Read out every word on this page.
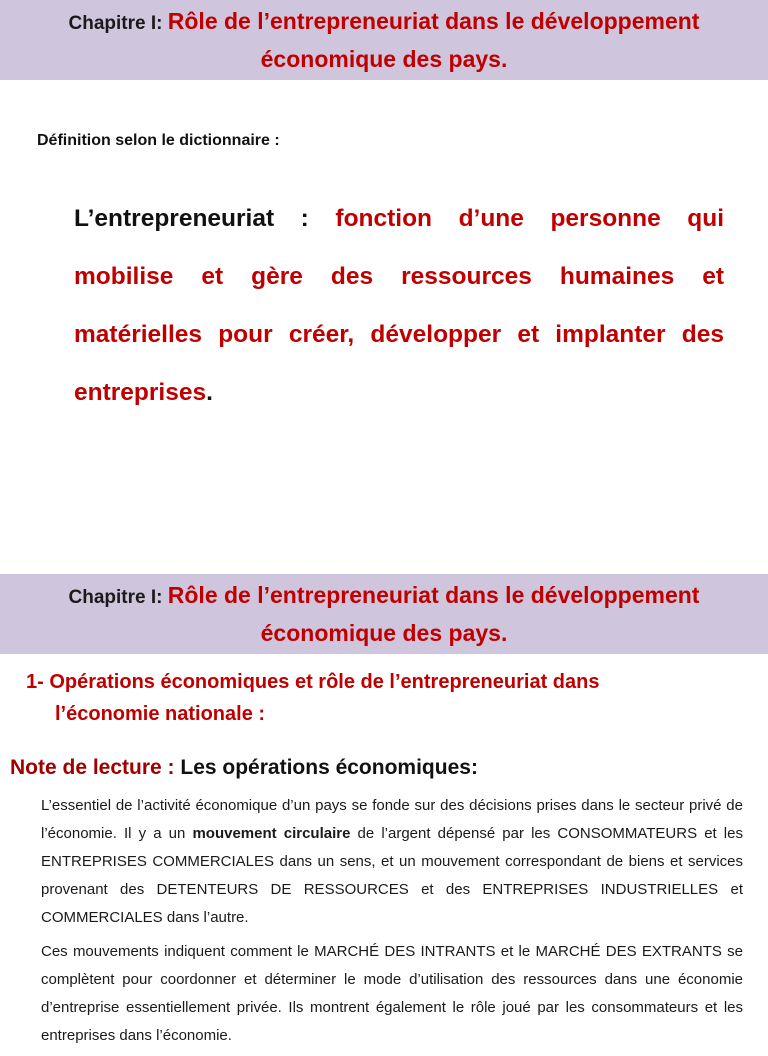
Chapitre I: Rôle de l’entrepreneuriat dans le développement
économique des pays.
Définition selon le dictionnaire :
L’entrepreneuriat : fonction d’une personne qui mobilise et gère des ressources humaines et matérielles pour créer, développer et implanter des entreprises.
Chapitre I: Rôle de l’entrepreneuriat dans le développement
économique des pays.
1- Opérations économiques et rôle de l’entrepreneuriat dans
l’économie nationale :
Note de lecture : Les opérations économiques:

L’essentiel de l’activité économique d’un pays se fonde sur des décisions prises dans le secteur privé de l’économie. Il y a un mouvement circulaire de l’argent dépensé par les CONSOMMATEURS et les ENTREPRISES COMMERCIALES dans un sens, et un mouvement correspondant de biens et services provenant des DETENTEURS DE RESSOURCES et des ENTREPRISES INDUSTRIELLES et COMMERCIALES dans l’autre.

Ces mouvements indiquent comment le MARCHÉ DES INTRANTS et le MARCHÉ DES EXTRANTS se complètent pour coordonner et déterminer le mode d’utilisation des ressources dans une économie d’entreprise essentiellement privée. Ils montrent également le rôle joué par les consommateurs et les entreprises dans l’économie.
